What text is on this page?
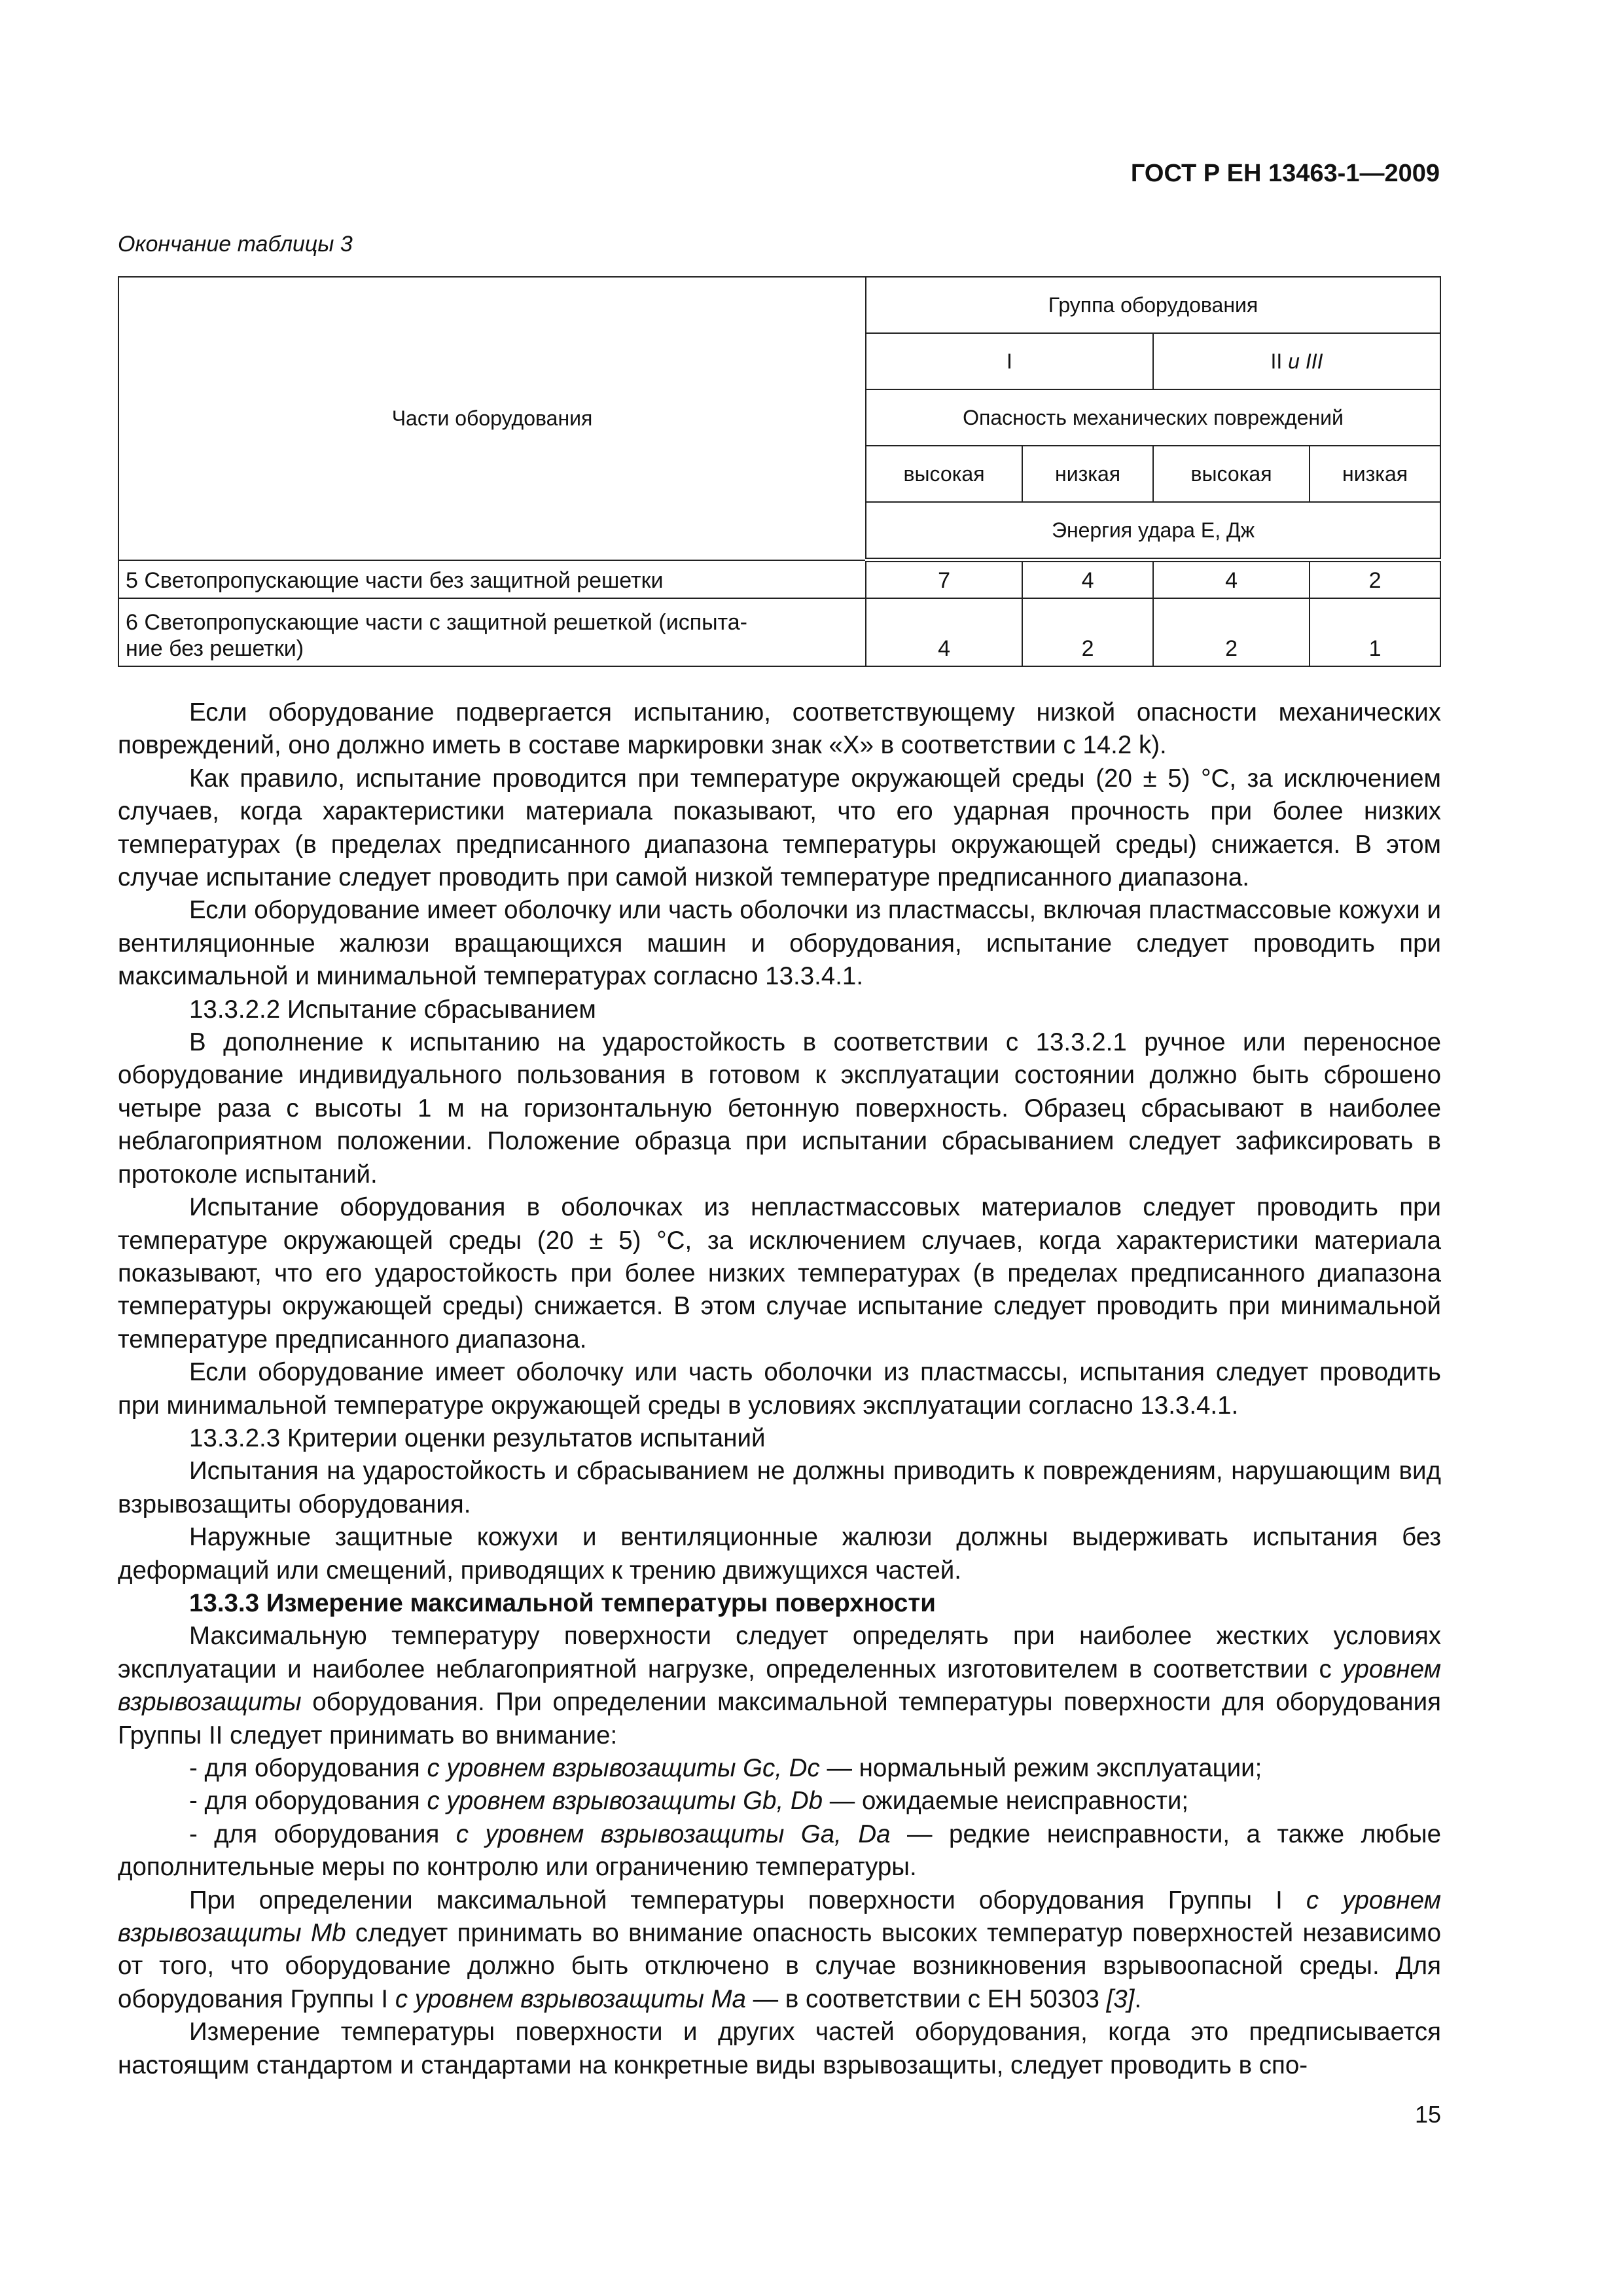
ГОСТ Р ЕН 13463-1—2009
Окончание таблицы 3
Части оборудования	Группа оборудования			
	I		II и III	
	Опасность механических повреждений			
	высокая	низкая	высокая	низкая
	Энергия удара E, Дж			
5 Светопропускающие части без защитной решетки	7	4	4	2
6 Светопропускающие части с защитной решеткой (испыта-
ние без решетки)	4	2	2	1

Если оборудование подвергается испытанию, соответствующему низкой опасности механических повреждений, оно должно иметь в составе маркировки знак «X» в соответствии с 14.2 k).

Как правило, испытание проводится при температуре окружающей среды (20 ± 5) °С, за исключением случаев, когда характеристики материала показывают, что его ударная прочность при более низких температурах (в пределах предписанного диапазона температуры окружающей среды) снижается. В этом случае испытание следует проводить при самой низкой температуре предписанного диапазона.

Если оборудование имеет оболочку или часть оболочки из пластмассы, включая пластмассовые кожухи и вентиляционные жалюзи вращающихся машин и оборудования, испытание следует проводить при максимальной и минимальной температурах согласно 13.3.4.1.

13.3.2.2 Испытание сбрасыванием

В дополнение к испытанию на ударостойкость в соответствии с 13.3.2.1 ручное или переносное оборудование индивидуального пользования в готовом к эксплуатации состоянии должно быть сброшено четыре раза с высоты 1 м на горизонтальную бетонную поверхность. Образец сбрасывают в наиболее неблагоприятном положении. Положение образца при испытании сбрасыванием следует зафиксировать в протоколе испытаний.

Испытание оборудования в оболочках из непластмассовых материалов следует проводить при температуре окружающей среды (20 ± 5) °С, за исключением случаев, когда характеристики материала показывают, что его ударостойкость при более низких температурах (в пределах предписанного диапазона температуры окружающей среды) снижается. В этом случае испытание следует проводить при минимальной температуре предписанного диапазона.

Если оборудование имеет оболочку или часть оболочки из пластмассы, испытания следует проводить при минимальной температуре окружающей среды в условиях эксплуатации согласно 13.3.4.1.

13.3.2.3 Критерии оценки результатов испытаний

Испытания на ударостойкость и сбрасыванием не должны приводить к повреждениям, нарушающим вид взрывозащиты оборудования.

Наружные защитные кожухи и вентиляционные жалюзи должны выдерживать испытания без деформаций или смещений, приводящих к трению движущихся частей.

13.3.3 Измерение максимальной температуры поверхности

Максимальную температуру поверхности следует определять при наиболее жестких условиях эксплуатации и наиболее неблагоприятной нагрузке, определенных изготовителем в соответствии с уровнем взрывозащиты оборудования. При определении максимальной температуры поверхности для оборудования Группы II следует принимать во внимание:

- для оборудования с уровнем взрывозащиты Gc, Dc — нормальный режим эксплуатации;

- для оборудования с уровнем взрывозащиты Gb, Db — ожидаемые неисправности;

- для оборудования с уровнем взрывозащиты Ga, Da — редкие неисправности, а также любые дополнительные меры по контролю или ограничению температуры.

При определении максимальной температуры поверхности оборудования Группы I с уровнем взрывозащиты Mb следует принимать во внимание опасность высоких температур поверхностей независимо от того, что оборудование должно быть отключено в случае возникновения взрывоопасной среды. Для оборудования Группы I с уровнем взрывозащиты Ma — в соответствии с ЕН 50303 [3].

Измерение температуры поверхности и других частей оборудования, когда это предписывается настоящим стандартом и стандартами на конкретные виды взрывозащиты, следует проводить в спо-

15
